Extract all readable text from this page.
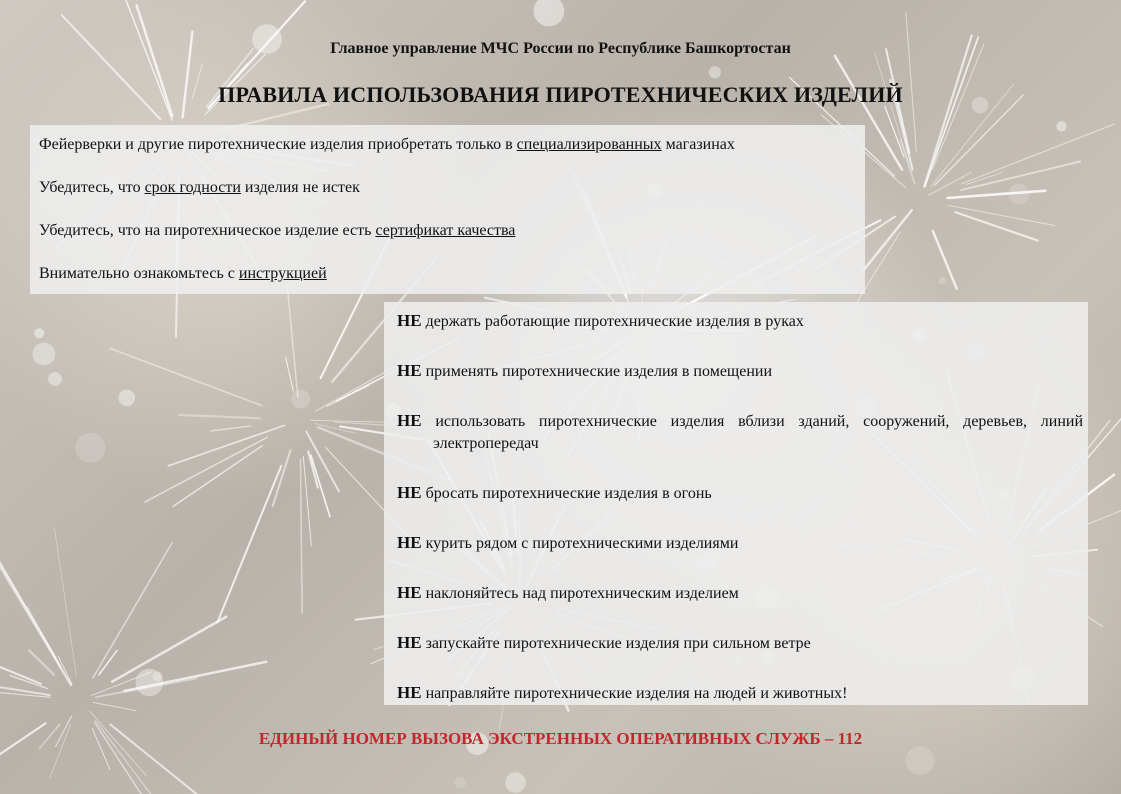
Главное управление МЧС России по Республике Башкортостан
ПРАВИЛА ИСПОЛЬЗОВАНИЯ ПИРОТЕХНИЧЕСКИХ ИЗДЕЛИЙ
Фейерверки и другие пиротехнические изделия приобретать только в специализированных магазинах
Убедитесь, что срок годности изделия не истек
Убедитесь, что на пиротехническое изделие есть сертификат качества
Внимательно ознакомьтесь с инструкцией
НЕ держать работающие пиротехнические изделия в руках
НЕ применять пиротехнические изделия в помещении
НЕ использовать пиротехнические изделия вблизи зданий, сооружений, деревьев, линий электропередач
НЕ бросать пиротехнические изделия в огонь
НЕ курить рядом с пиротехническими изделиями
НЕ наклоняйтесь над пиротехническим изделием
НЕ запускайте пиротехнические изделия при сильном ветре
НЕ направляйте пиротехнические изделия на людей и животных!
ЕДИНЫЙ НОМЕР ВЫЗОВА ЭКСТРЕННЫХ ОПЕРАТИВНЫХ СЛУЖБ – 112
